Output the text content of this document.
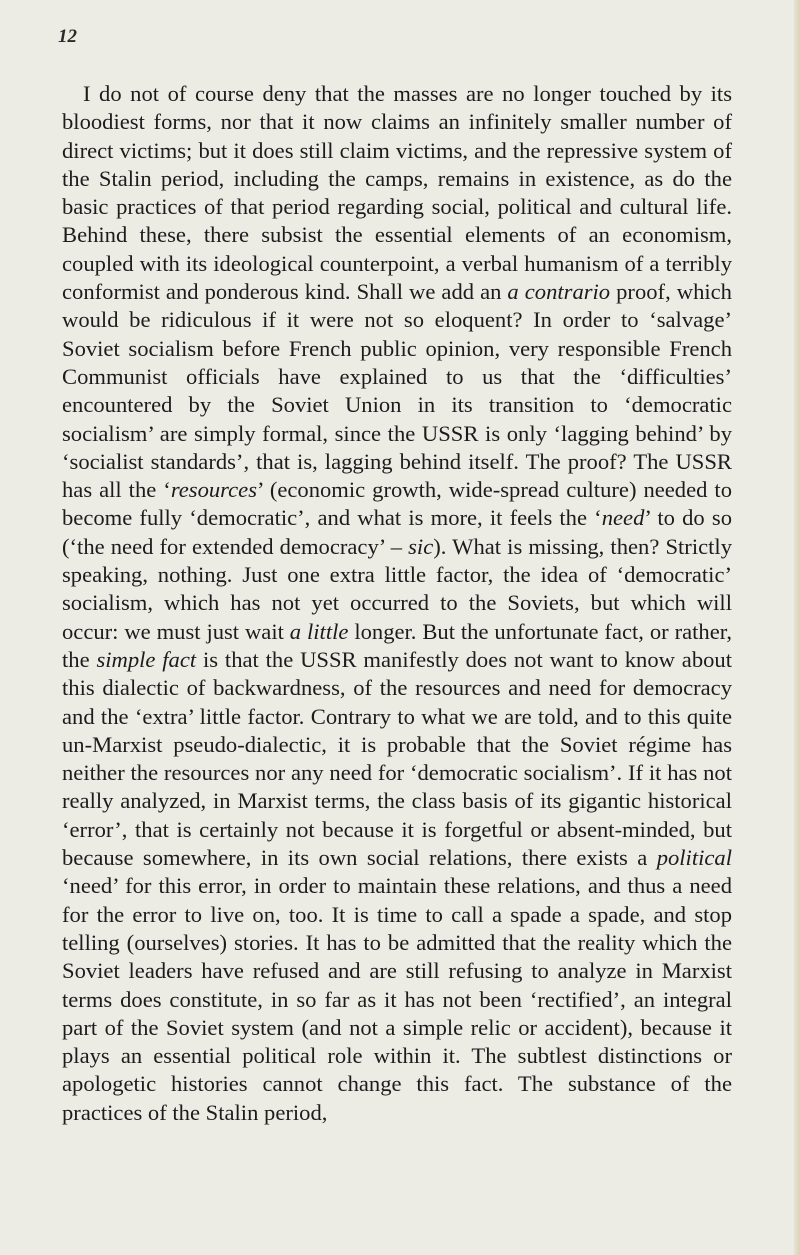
12

I do not of course deny that the masses are no longer touched by its bloodiest forms, nor that it now claims an infinitely smaller number of direct victims; but it does still claim victims, and the repressive system of the Stalin period, including the camps, remains in existence, as do the basic practices of that period regarding social, political and cultural life. Behind these, there subsist the essential elements of an economism, coupled with its ideological counterpoint, a verbal humanism of a terribly conformist and ponderous kind. Shall we add an a contrario proof, which would be ridiculous if it were not so eloquent? In order to ‘salvage’ Soviet socialism before French public opinion, very responsible French Communist officials have explained to us that the ‘difficulties’ encountered by the Soviet Union in its transition to ‘democratic socialism’ are simply formal, since the USSR is only ‘lagging behind’ by ‘socialist standards’, that is, lagging behind itself. The proof? The USSR has all the ‘resources’ (economic growth, wide-spread culture) needed to become fully ‘democratic’, and what is more, it feels the ‘need’ to do so (‘the need for extended democracy’ – sic). What is missing, then? Strictly speaking, nothing. Just one extra little factor, the idea of ‘democratic’ socialism, which has not yet occurred to the Soviets, but which will occur: we must just wait a little longer. But the unfortunate fact, or rather, the simple fact is that the USSR manifestly does not want to know about this dialectic of backwardness, of the resources and need for democracy and the ‘extra’ little factor. Contrary to what we are told, and to this quite un-Marxist pseudo-dialectic, it is probable that the Soviet régime has neither the resources nor any need for ‘democratic socialism’. If it has not really analyzed, in Marxist terms, the class basis of its gigantic historical ‘error’, that is certainly not because it is forgetful or absent-minded, but because somewhere, in its own social relations, there exists a political ‘need’ for this error, in order to maintain these relations, and thus a need for the error to live on, too. It is time to call a spade a spade, and stop telling (ourselves) stories. It has to be admitted that the reality which the Soviet leaders have refused and are still refusing to analyze in Marxist terms does constitute, in so far as it has not been ‘rectified’, an integral part of the Soviet system (and not a simple relic or accident), because it plays an essential political role within it. The subtlest distinctions or apologetic histories cannot change this fact. The substance of the practices of the Stalin period,
